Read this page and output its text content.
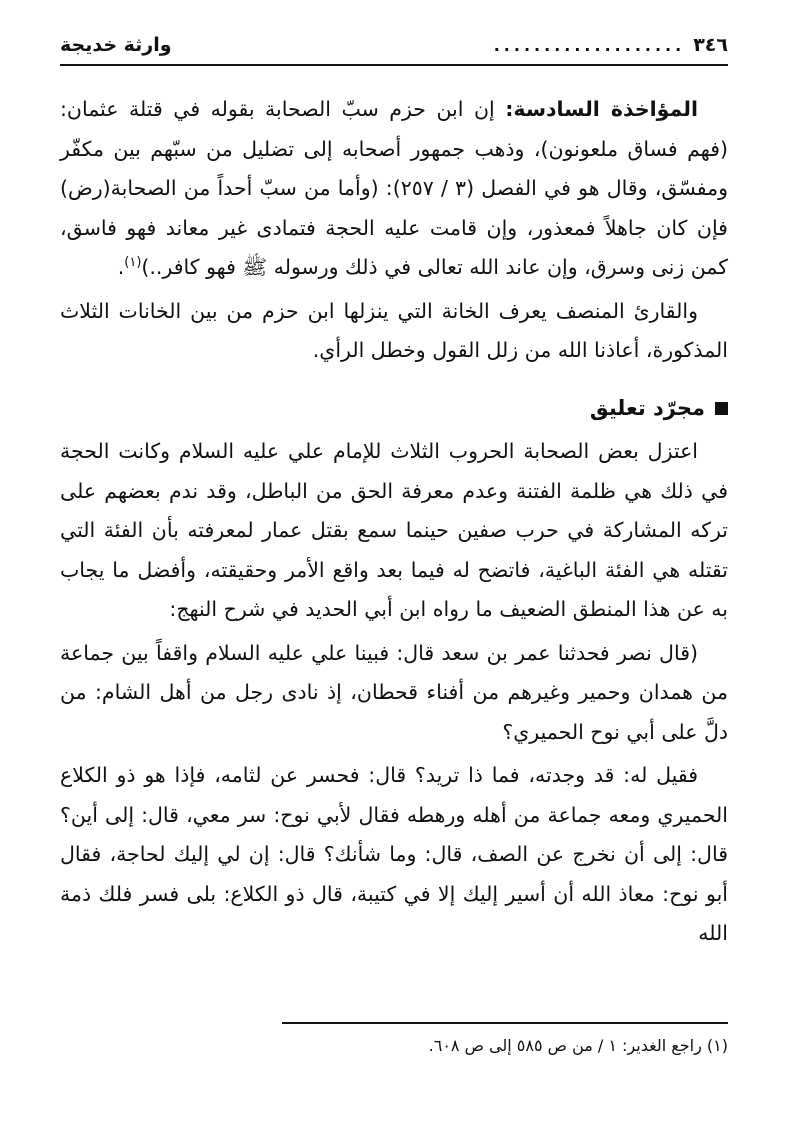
٣٤٦
...................
وارثة خديجة

المؤاخذة السادسة: إن ابن حزم سبّ الصحابة بقوله في قتلة عثمان: (فهم فساق ملعونون)، وذهب جمهور أصحابه إلى تضليل من سبّهم بين مكفّر ومفسّق، وقال هو في الفصل (٣ / ٢٥٧): (وأما من سبّ أحداً من الصحابة(رض) فإن كان جاهلاً فمعذور، وإن قامت عليه الحجة فتمادى غير معاند فهو فاسق، كمن زنى وسرق، وإن عاند الله تعالى في ذلك ورسوله ﷺ فهو كافر..)$^{(١)}$.

والقارئ المنصف يعرف الخانة التي ينزلها ابن حزم من بين الخانات الثلاث المذكورة، أعاذنا الله من زلل القول وخطل الرأي.

مجرّد تعليق

اعتزل بعض الصحابة الحروب الثلاث للإمام علي عليه السلام وكانت الحجة في ذلك هي ظلمة الفتنة وعدم معرفة الحق من الباطل، وقد ندم بعضهم على تركه المشاركة في حرب صفين حينما سمع بقتل عمار لمعرفته بأن الفئة التي تقتله هي الفئة الباغية، فاتضح له فيما بعد واقع الأمر وحقيقته، وأفضل ما يجاب به عن هذا المنطق الضعيف ما رواه ابن أبي الحديد في شرح النهج:

(قال نصر فحدثنا عمر بن سعد قال: فبينا علي عليه السلام واقفاً بين جماعة من همدان وحمير وغيرهم من أفناء قحطان، إذ نادى رجل من أهل الشام: من دلَّ على أبي نوح الحميري؟

فقيل له: قد وجدته، فما ذا تريد؟ قال: فحسر عن لثامه، فإذا هو ذو الكلاع الحميري ومعه جماعة من أهله ورهطه فقال لأبي نوح: سر معي، قال: إلى أين؟ قال: إلى أن نخرج عن الصف، قال: وما شأنك؟ قال: إن لي إليك لحاجة، فقال أبو نوح: معاذ الله أن أسير إليك إلا في كتيبة، قال ذو الكلاع: بلى فسر فلك ذمة الله

(١) راجع الغدير: ١ / من ص ٥٨٥ إلى ص ٦٠٨.
